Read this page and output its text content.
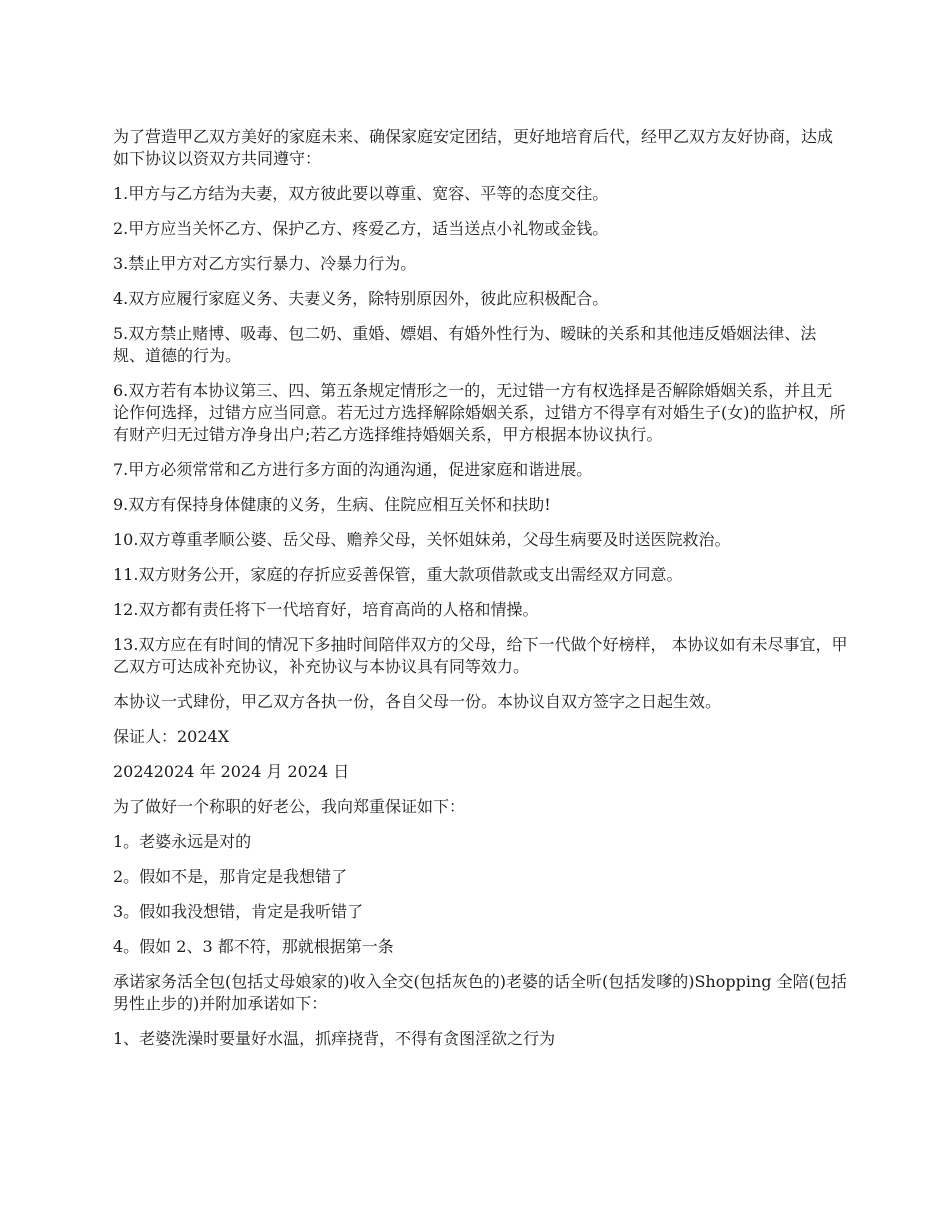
为了营造甲乙双方美好的家庭未来、确保家庭安定团结，更好地培育后代，经甲乙双方友好协商，达成如下协议以资双方共同遵守：

1.甲方与乙方结为夫妻，双方彼此要以尊重、宽容、平等的态度交往。

2.甲方应当关怀乙方、保护乙方、疼爱乙方，适当送点小礼物或金钱。

3.禁止甲方对乙方实行暴力、冷暴力行为。

4.双方应履行家庭义务、夫妻义务，除特别原因外，彼此应积极配合。

5.双方禁止赌博、吸毒、包二奶、重婚、嫖娼、有婚外性行为、暧昧的关系和其他违反婚姻法律、法规、道德的行为。

6.双方若有本协议第三、四、第五条规定情形之一的，无过错一方有权选择是否解除婚姻关系，并且无论作何选择，过错方应当同意。若无过方选择解除婚姻关系，过错方不得享有对婚生子(女)的监护权，所有财产归无过错方净身出户;若乙方选择维持婚姻关系，甲方根据本协议执行。

7.甲方必须常常和乙方进行多方面的沟通沟通，促进家庭和谐进展。

9.双方有保持身体健康的义务，生病、住院应相互关怀和扶助!

10.双方尊重孝顺公婆、岳父母、赡养父母，关怀姐妹弟，父母生病要及时送医院救治。

11.双方财务公开，家庭的存折应妥善保管，重大款项借款或支出需经双方同意。

12.双方都有责任将下一代培育好，培育高尚的人格和情操。

13.双方应在有时间的情况下多抽时间陪伴双方的父母，给下一代做个好榜样， 本协议如有未尽事宜，甲乙双方可达成补充协议，补充协议与本协议具有同等效力。

本协议一式肆份，甲乙双方各执一份，各自父母一份。本协议自双方签字之日起生效。

保证人：2024X

20242024 年 2024 月 2024 日

为了做好一个称职的好老公，我向郑重保证如下：

1。老婆永远是对的

2。假如不是，那肯定是我想错了

3。假如我没想错，肯定是我听错了

4。假如 2、3 都不符，那就根据第一条

承诺家务活全包(包括丈母娘家的)收入全交(包括灰色的)老婆的话全听(包括发嗲的)Shopping 全陪(包括男性止步的)并附加承诺如下：

1、老婆洗澡时要量好水温，抓痒挠背，不得有贪图淫欲之行为
